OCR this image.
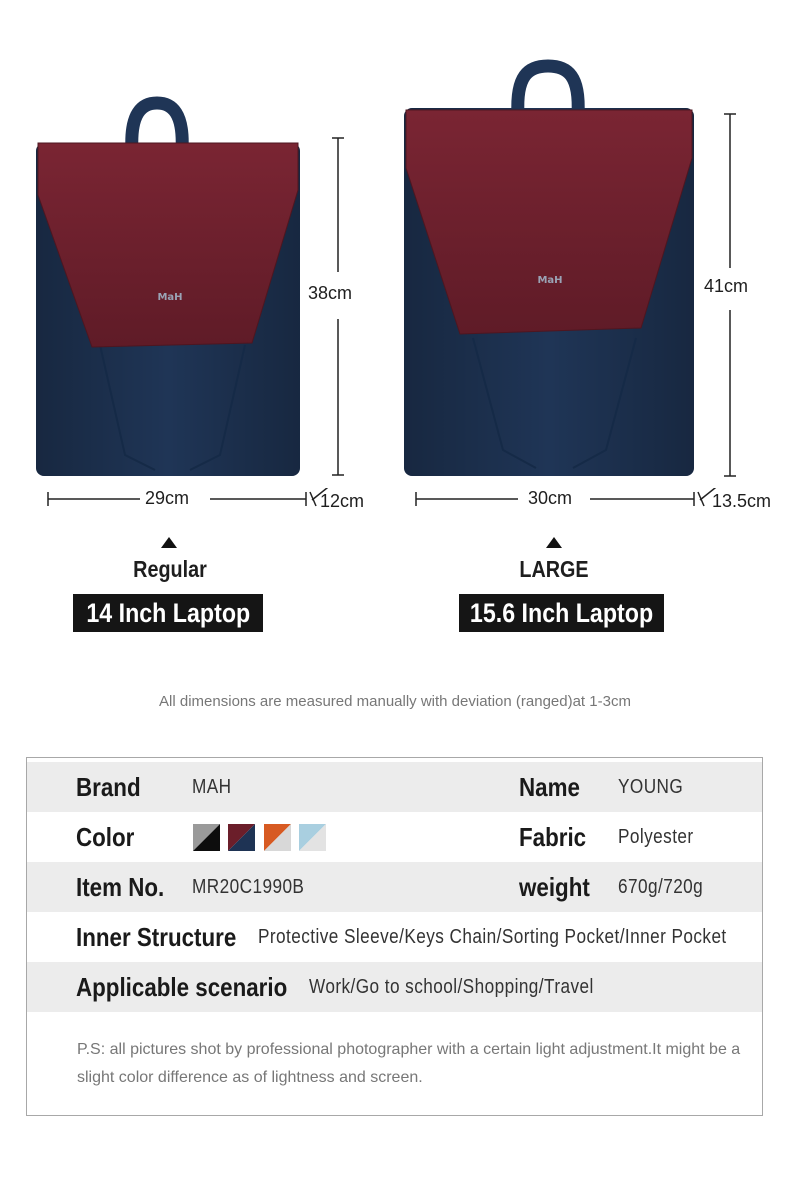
MaH	38cm
29cm	12cm
Regular
14 Inch Laptop
MaH	41cm
30cm	13.5cm
LARGE
15.6 Inch Laptop
All dimensions are measured manually with deviation (ranged)at 1-3cm
Brand	MAH	Name YOUNG
Color	Fabric Polyester
Item No. MR20C1990B	weight 670g/720g
Inner Structure Protective Sleeve/Keys Chain/Sorting Pocket/Inner Pocket
Applicable scenario Work/Go to school/Shopping/Travel
P.S: all pictures shot by professional photographer with a certain light adjustment.It might be a slight color difference as of lightness and screen.
